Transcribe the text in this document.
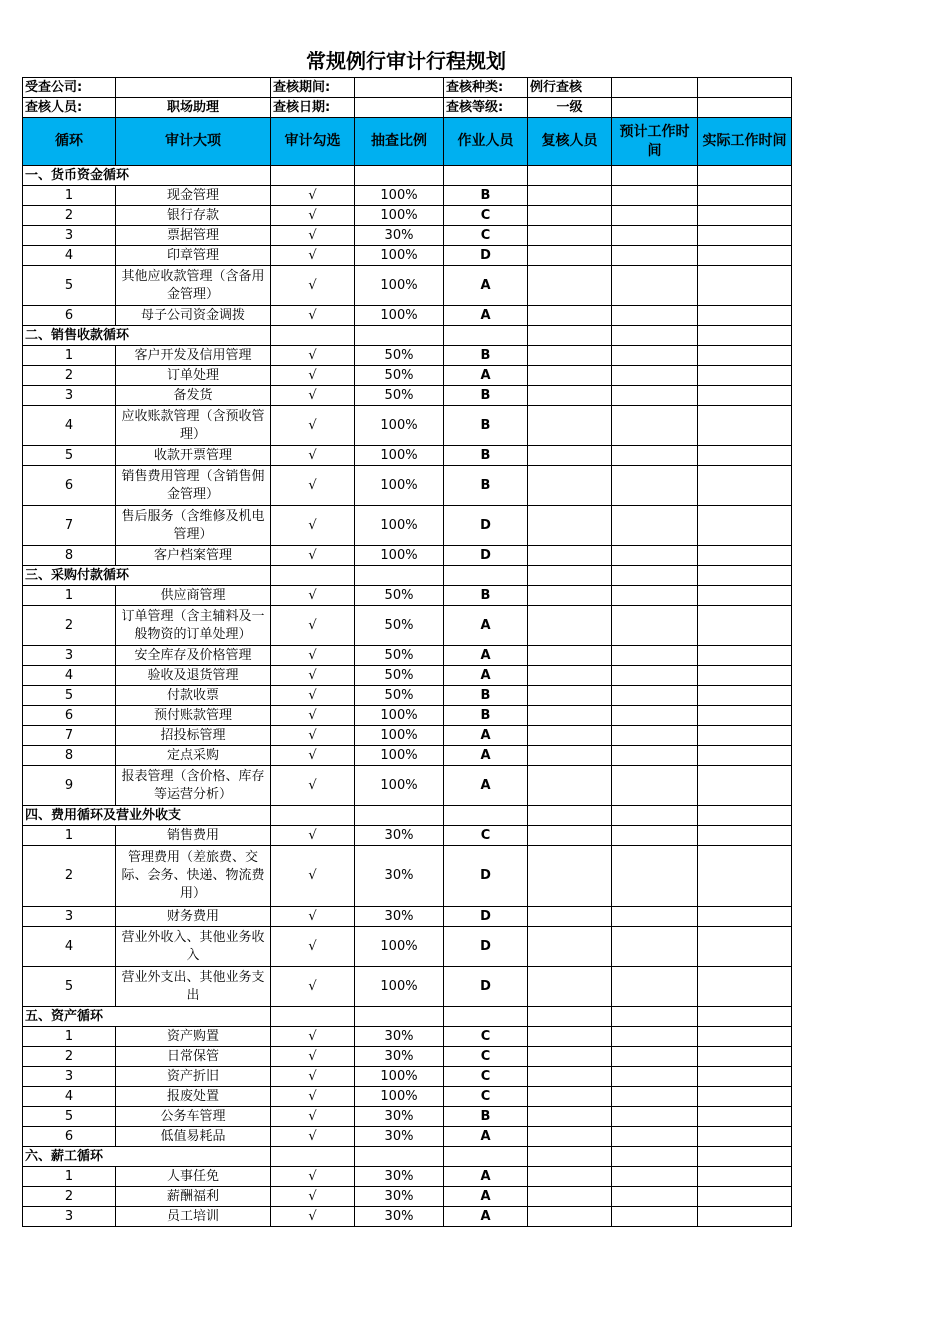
常规例行审计行程规划
受查公司:		查核期间:		查核种类:	例行查核		
查核人员:	职场助理	查核日期:		查核等级:	一级		
循环	审计大项	审计勾选	抽查比例	作业人员	复核人员	预计工作时间	实际工作时间
一、货币资金循环							
1	现金管理	√	100%	B			
2	银行存款	√	100%	C			
3	票据管理	√	30%	C			
4	印章管理	√	100%	D			
5	其他应收款管理（含备用金管理）	√	100%	A			
6	母子公司资金调拨	√	100%	A			
二、销售收款循环							
1	客户开发及信用管理	√	50%	B			
2	订单处理	√	50%	A			
3	备发货	√	50%	B			
4	应收账款管理（含预收管理）	√	100%	B			
5	收款开票管理	√	100%	B			
6	销售费用管理（含销售佣金管理）	√	100%	B			
7	售后服务（含维修及机电管理）	√	100%	D			
8	客户档案管理	√	100%	D			
三、采购付款循环							
1	供应商管理	√	50%	B			
2	订单管理（含主辅料及一般物资的订单处理）	√	50%	A			
3	安全库存及价格管理	√	50%	A			
4	验收及退货管理	√	50%	A			
5	付款收票	√	50%	B			
6	预付账款管理	√	100%	B			
7	招投标管理	√	100%	A			
8	定点采购	√	100%	A			
9	报表管理（含价格、库存等运营分析）	√	100%	A			
四、费用循环及营业外收支							
1	销售费用	√	30%	C			
2	管理费用（差旅费、交际、会务、快递、物流费用）	√	30%	D			
3	财务费用	√	30%	D			
4	营业外收入、其他业务收入	√	100%	D			
5	营业外支出、其他业务支出	√	100%	D			
五、资产循环							
1	资产购置	√	30%	C			
2	日常保管	√	30%	C			
3	资产折旧	√	100%	C			
4	报废处置	√	100%	C			
5	公务车管理	√	30%	B			
6	低值易耗品	√	30%	A			
六、薪工循环							
1	人事任免	√	30%	A			
2	薪酬福利	√	30%	A			
3	员工培训	√	30%	A			
